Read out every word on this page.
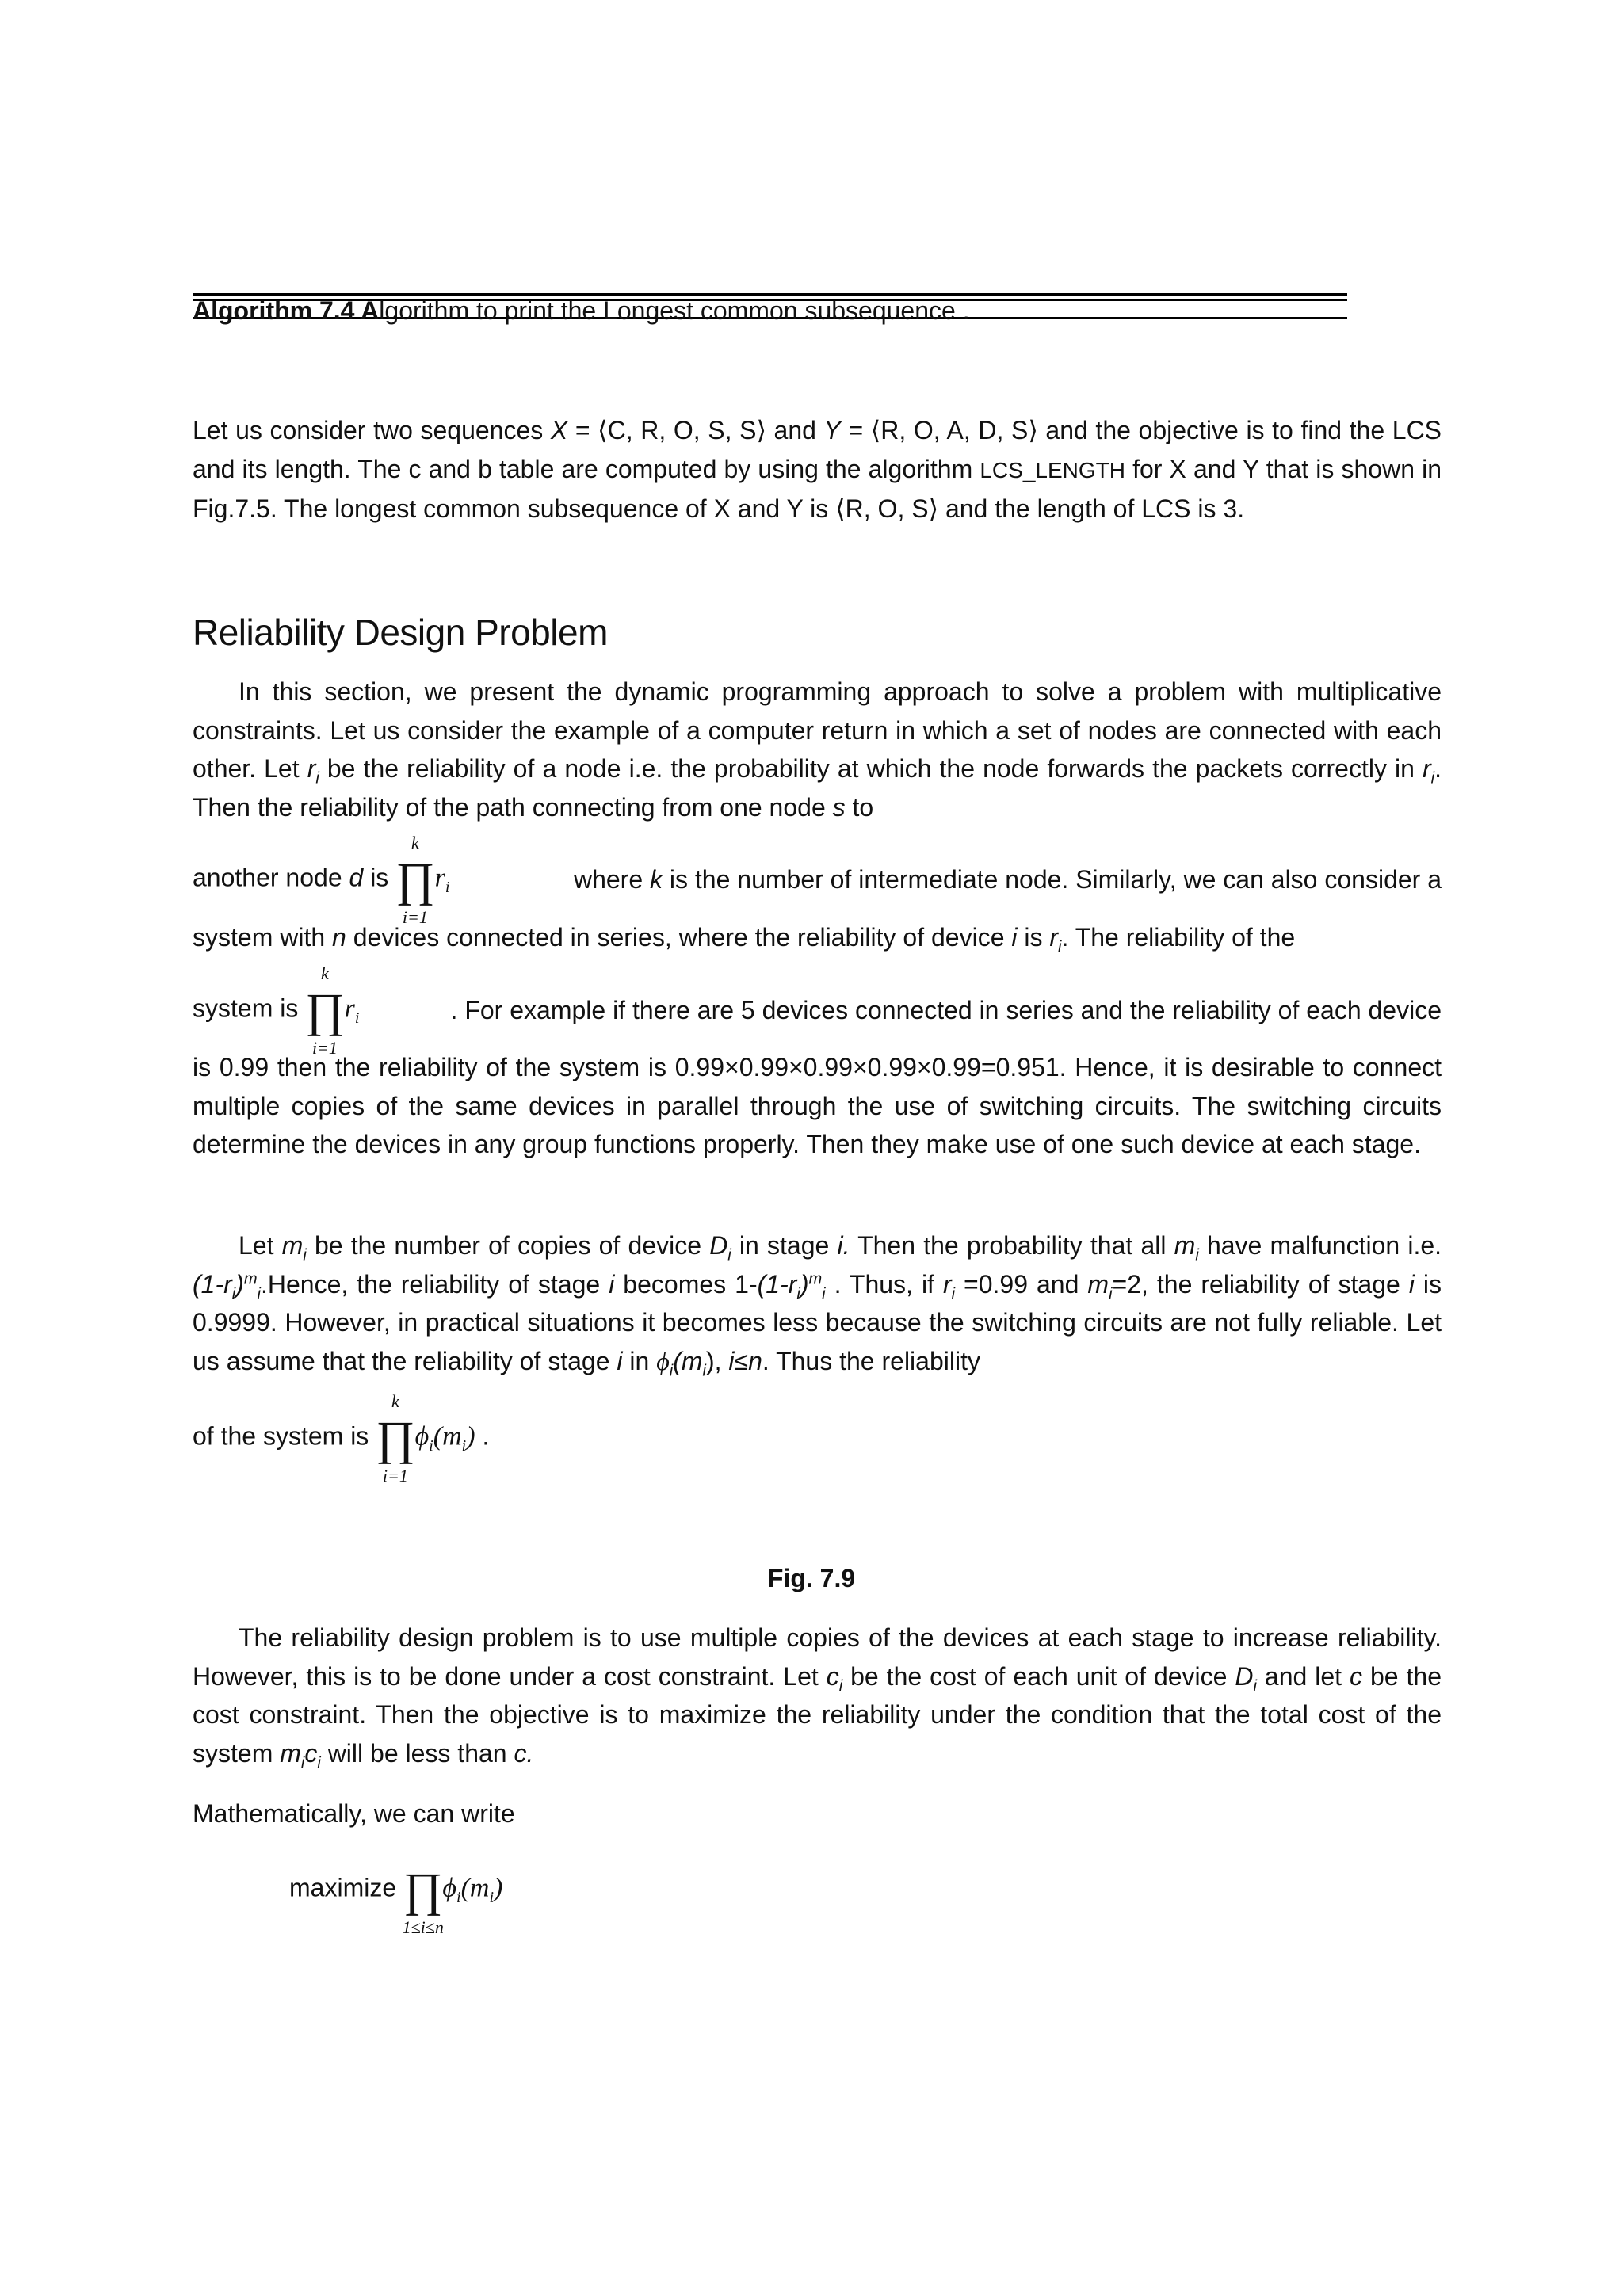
Algorithm 7.4 Algorithm to print the Longest common subsequence .

Let us consider two sequences X = ⟨C, R, O, S, S⟩ and Y = ⟨R, O, A, D, S⟩ and the objective is to find the LCS and its length. The c and b table are computed by using the algorithm LCS_LENGTH for X and Y that is shown in Fig.7.5. The longest common subsequence of X and Y is ⟨R, O, S⟩ and the length of LCS is 3.

Reliability Design Problem

In this section, we present the dynamic programming approach to solve a problem with multiplicative constraints. Let us consider the example of a computer return in which a set of nodes are connected with each other. Let $r_i$ be the reliability of a node i.e. the probability at which the node forwards the packets correctly in $r_i$. Then the reliability of the path connecting from one node s to

another node d is
k
∏
i=1
$r_i$	where k is the number of intermediate node. Similarly, we can also consider a

system with n devices connected in series, where the reliability of device i is $r_i$. The reliability of the

system is
k
∏
i=1
$r_i$	. For example if there are 5 devices connected in series and the reliability of each device

is 0.99 then the reliability of the system is 0.99×0.99×0.99×0.99×0.99=0.951. Hence, it is desirable to connect multiple copies of the same devices in parallel through the use of switching circuits. The switching circuits determine the devices in any group functions properly. Then they make use of one such device at each stage.

Let $m_i$ be the number of copies of device $D_i$ in stage i. Then the probability that all $m_i$ have malfunction i.e. $(1-r_i)^m_i.Hence$, the reliability of stage i becomes $1-(1-r_i)^m_i$ . Thus, if $r_i =0.99$ and $m_i=2$, the reliability of stage i is 0.9999. However, in practical situations it becomes less because the switching circuits are not fully reliable. Let us assume that the reliability of stage i in $\phi_i(m_i)$, i≤n. Thus the reliability

of the system is
k
∏
i=1
$\phi_i(m_i)$ .

Fig. 7.9

The reliability design problem is to use multiple copies of the devices at each stage to increase reliability. However, this is to be done under a cost constraint. Let $c_i$ be the cost of each unit of device $D_i$ and let c be the cost constraint. Then the objective is to maximize the reliability under the condition that the total cost of the system $m_ic_i$ will be less than c.

Mathematically, we can write

maximize ∏
1≤i≤n
$\phi_i(m_i)$
